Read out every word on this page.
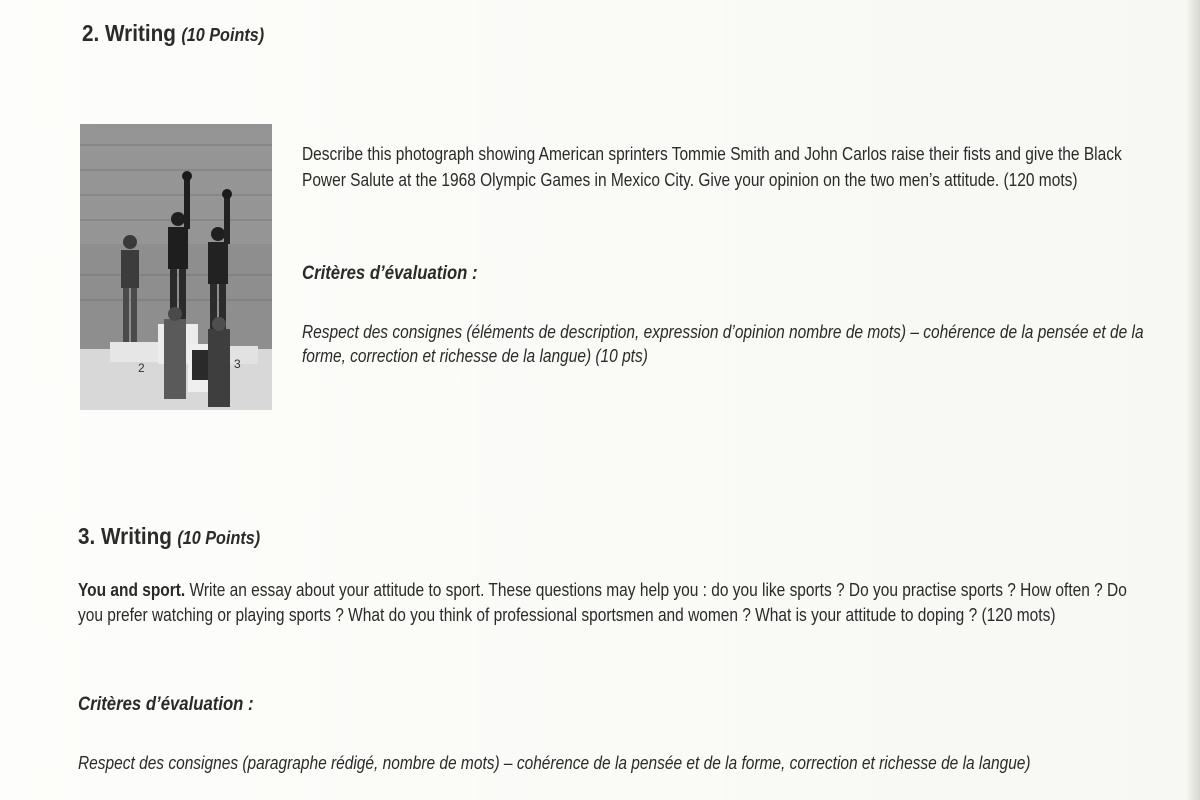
2. Writing (10 Points)
2	3
Describe this photograph showing American sprinters Tommie Smith and John Carlos raise their fists and give the Black Power Salute at the 1968 Olympic Games in Mexico City. Give your opinion on the two men’s attitude. (120 mots)
Critères d’évaluation :
Respect des consignes (éléments de description, expression d’opinion nombre de mots) – cohérence de la pensée et de la forme, correction et richesse de la langue) (10 pts)
3. Writing (10 Points)
You and sport. Write an essay about your attitude to sport. These questions may help you : do you like sports ? Do you practise sports ? How often ? Do you prefer watching or playing sports ? What do you think of professional sportsmen and women ? What is your attitude to doping ? (120 mots)
Critères d’évaluation :
Respect des consignes (paragraphe rédigé, nombre de mots) – cohérence de la pensée et de la forme, correction et richesse de la langue)
